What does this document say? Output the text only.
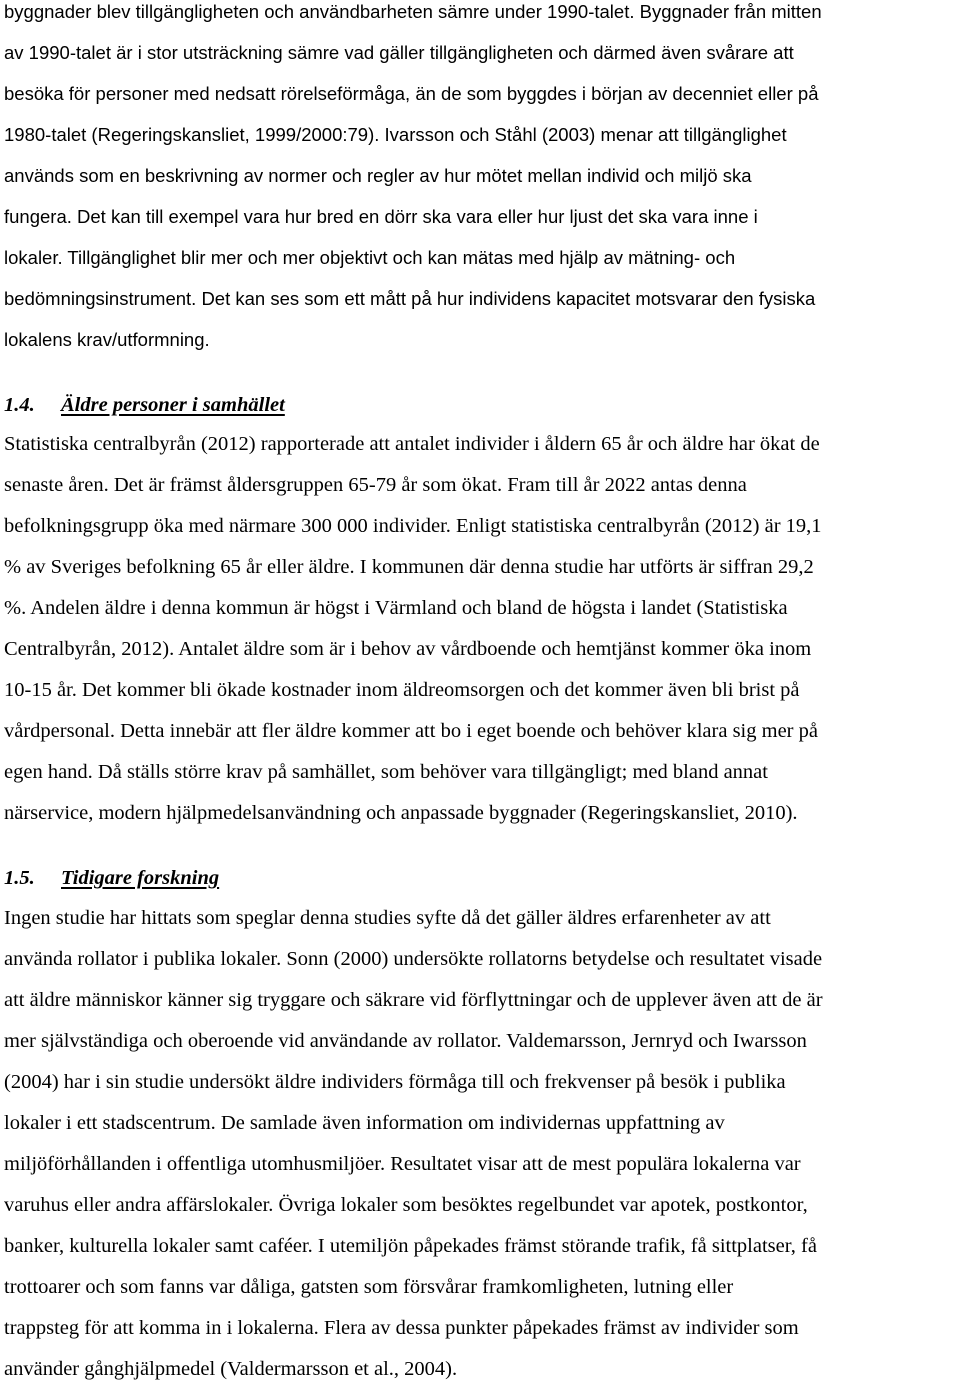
byggnader blev tillgängligheten och användbarheten sämre under 1990-talet. Byggnader från mitten
av 1990-talet är i stor utsträckning sämre vad gäller tillgängligheten och därmed även svårare att
besöka för personer med nedsatt rörelseförmåga, än de som byggdes i början av decenniet eller på
1980-talet (Regeringskansliet, 1999/2000:79). Ivarsson och Ståhl (2003) menar att tillgänglighet
används som en beskrivning av normer och regler av hur mötet mellan individ och miljö ska
fungera. Det kan till exempel vara hur bred en dörr ska vara eller hur ljust det ska vara inne i
lokaler. Tillgänglighet blir mer och mer objektivt och kan mätas med hjälp av mätning- och
bedömningsinstrument. Det kan ses som ett mått på hur individens kapacitet motsvarar den fysiska
lokalens krav/utformning.
1.4. Äldre personer i samhället
Statistiska centralbyrån (2012) rapporterade att antalet individer i åldern 65 år och äldre har ökat de
senaste åren. Det är främst åldersgruppen 65-79 år som ökat. Fram till år 2022 antas denna
befolkningsgrupp öka med närmare 300 000 individer. Enligt statistiska centralbyrån (2012) är 19,1
% av Sveriges befolkning 65 år eller äldre. I kommunen där denna studie har utförts är siffran 29,2
%. Andelen äldre i denna kommun är högst i Värmland och bland de högsta i landet (Statistiska
Centralbyrån, 2012). Antalet äldre som är i behov av vårdboende och hemtjänst kommer öka inom
10-15 år. Det kommer bli ökade kostnader inom äldreomsorgen och det kommer även bli brist på
vårdpersonal. Detta innebär att fler äldre kommer att bo i eget boende och behöver klara sig mer på
egen hand. Då ställs större krav på samhället, som behöver vara tillgängligt; med bland annat
närservice, modern hjälpmedelsanvändning och anpassade byggnader (Regeringskansliet, 2010).
1.5. Tidigare forskning
Ingen studie har hittats som speglar denna studies syfte då det gäller äldres erfarenheter av att
använda rollator i publika lokaler. Sonn (2000) undersökte rollatorns betydelse och resultatet visade
att äldre människor känner sig tryggare och säkrare vid förflyttningar och de upplever även att de är
mer självständiga och oberoende vid användande av rollator. Valdemarsson, Jernryd och Iwarsson
(2004) har i sin studie undersökt äldre individers förmåga till och frekvenser på besök i publika
lokaler i ett stadscentrum. De samlade även information om individernas uppfattning av
miljöförhållanden i offentliga utomhusmiljöer. Resultatet visar att de mest populära lokalerna var
varuhus eller andra affärslokaler. Övriga lokaler som besöktes regelbundet var apotek, postkontor,
banker, kulturella lokaler samt caféer. I utemiljön påpekades främst störande trafik, få sittplatser, få
trottoarer och som fanns var dåliga, gatsten som försvårar framkomligheten, lutning eller
trappsteg för att komma in i lokalerna. Flera av dessa punkter påpekades främst av individer som
använder gånghjälpmedel (Valdermarsson et al., 2004).
